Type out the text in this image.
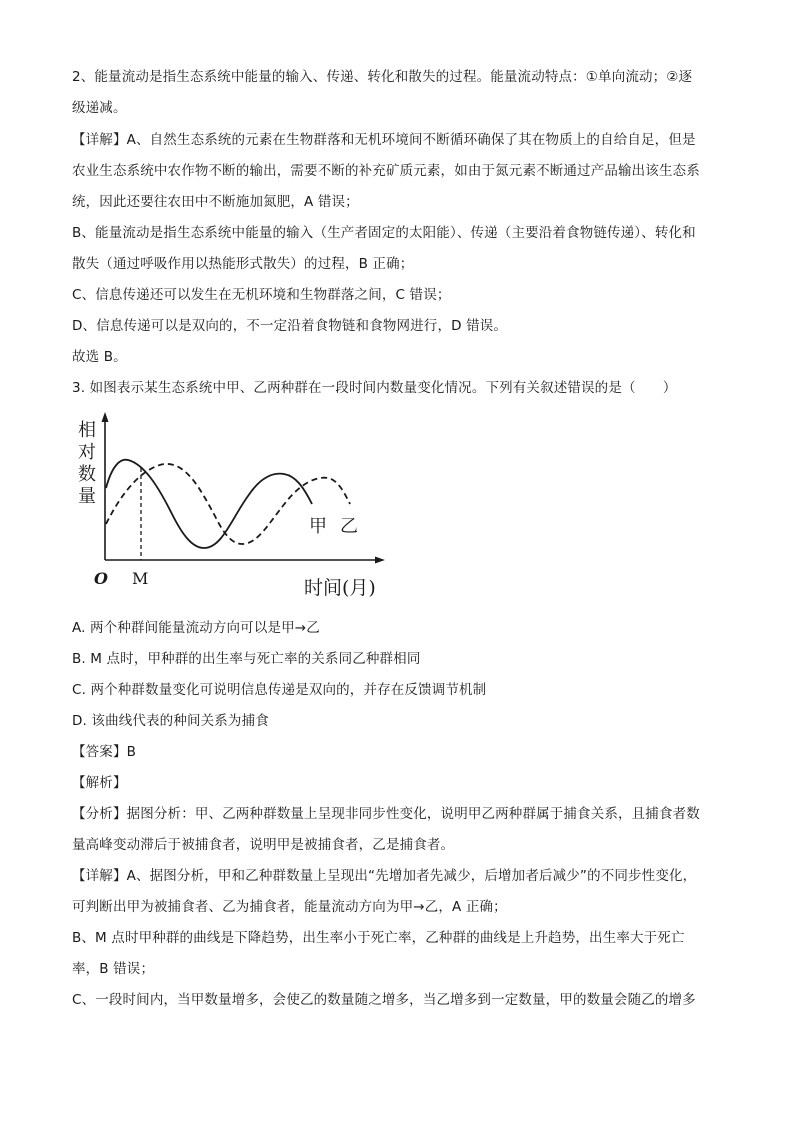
2、能量流动是指生态系统中能量的输入、传递、转化和散失的过程。能量流动特点：①单向流动；②逐
级递减。
【详解】A、自然生态系统的元素在生物群落和无机环境间不断循环确保了其在物质上的自给自足，但是
农业生态系统中农作物不断的输出，需要不断的补充矿质元素，如由于氮元素不断通过产品输出该生态系
统，因此还要往农田中不断施加氮肥，A 错误；
B、能量流动是指生态系统中能量的输入（生产者固定的太阳能）、传递（主要沿着食物链传递）、转化和
散失（通过呼吸作用以热能形式散失）的过程，B 正确；
C、信息传递还可以发生在无机环境和生物群落之间，C 错误；
D、信息传递可以是双向的，不一定沿着食物链和食物网进行，D 错误。
故选 B。
3. 如图表示某生态系统中甲、乙两种群在一段时间内数量变化情况。下列有关叙述错误的是（　　）
相
对
数
量
O M	时间(月)
甲 乙
A. 两个种群间能量流动方向可以是甲→乙
B. M 点时，甲种群的出生率与死亡率的关系同乙种群相同
C. 两个种群数量变化可说明信息传递是双向的，并存在反馈调节机制
D. 该曲线代表的种间关系为捕食
【答案】B
【解析】
【分析】据图分析：甲、乙两种群数量上呈现非同步性变化，说明甲乙两种群属于捕食关系，且捕食者数
量高峰变动滞后于被捕食者，说明甲是被捕食者，乙是捕食者。
【详解】A、据图分析，甲和乙种群数量上呈现出“先增加者先减少，后增加者后减少”的不同步性变化，
可判断出甲为被捕食者、乙为捕食者，能量流动方向为甲→乙，A 正确；
B、M 点时甲种群的曲线是下降趋势，出生率小于死亡率，乙种群的曲线是上升趋势，出生率大于死亡
率，B 错误；
C、一段时间内，当甲数量增多，会使乙的数量随之增多，当乙增多到一定数量，甲的数量会随乙的增多
